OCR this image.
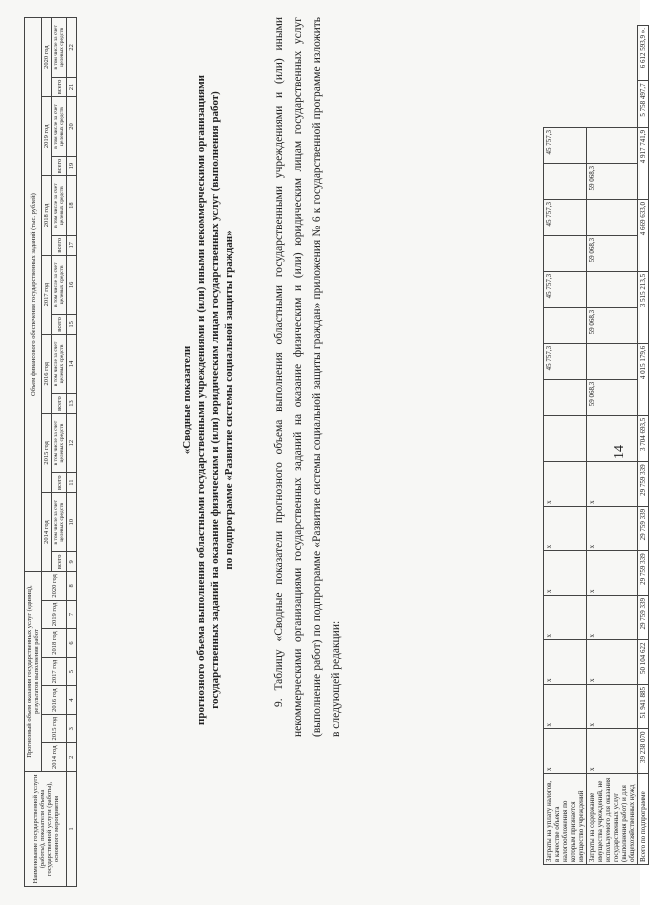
14
Затраты на уплату налогов, в качестве объекта налогообложения по которым признается имущество учреждений	x	x	x	x	x	x	x			45 757,3		45 757,3		45 757,3		45 757,3		
Затраты на содержание имущества учреждений, не используемого для оказания государственных услуг (выполнения работ) и для общехозяйственных нужд	x	x	x	x	x	x	x		59 068,3		59 068,3		59 068,3		59 068,3			
Всего по подпрограмме	39 238 070	51 941 885	50 104 622	29 759 339	29 759 339	29 759 339	29 759 339	3 704 693,5	4 015 179,6		3 515 213,5		4 669 633,0		4 917 741,9		5 758 497,7	6 612 593,9 ».

9. Таблицу «Сводные показатели прогнозного объема выполнения областными государственными учреждениями и (или) иными некоммерческими организациями государственных заданий на оказание физическим и (или) юридическим лицам государственных услуг (выполнение работ) по подпрограмме «Развитие системы социальной защиты граждан» приложения № 6 к государственной программе изложить в следующей редакции:

«Сводные показатели прогнозного объема выполнения областными государственными учреждениями и (или) иными некоммерческими организациями государственных заданий на оказание физическим и (или) юридическим лицам государственных услуг (выполнения работ) по подпрограмме «Развитие системы социальной защиты граждан»
Наименование государственной услуги (работы), показателя объема государственной услуги (работы), основного мероприятия	Прогнозный объем оказания государственных услуг (единиц), результатов выполнения работ							Объем финансового обеспечения государственных заданий (тыс. рублей)													
	2014 год	2015 год	2016 год	2017 год	2018 год	2019 год	2020 год	2014 год		2015 год		2016 год		2017 год		2018 год		2019 год		2020 год	
								всего	в том числе за счет целевых средств	всего	в том числе за счет целевых средств	всего	в том числе за счет целевых средств	всего	в том числе за счет целевых средств	всего	в том числе за счет целевых средств	всего	в том числе за счет целевых средств	всего	в том числе за счет целевых средств
1	2	3	4	5	6	7	8	9	10	11	12	13	14	15	16	17	18	19	20	21	22
